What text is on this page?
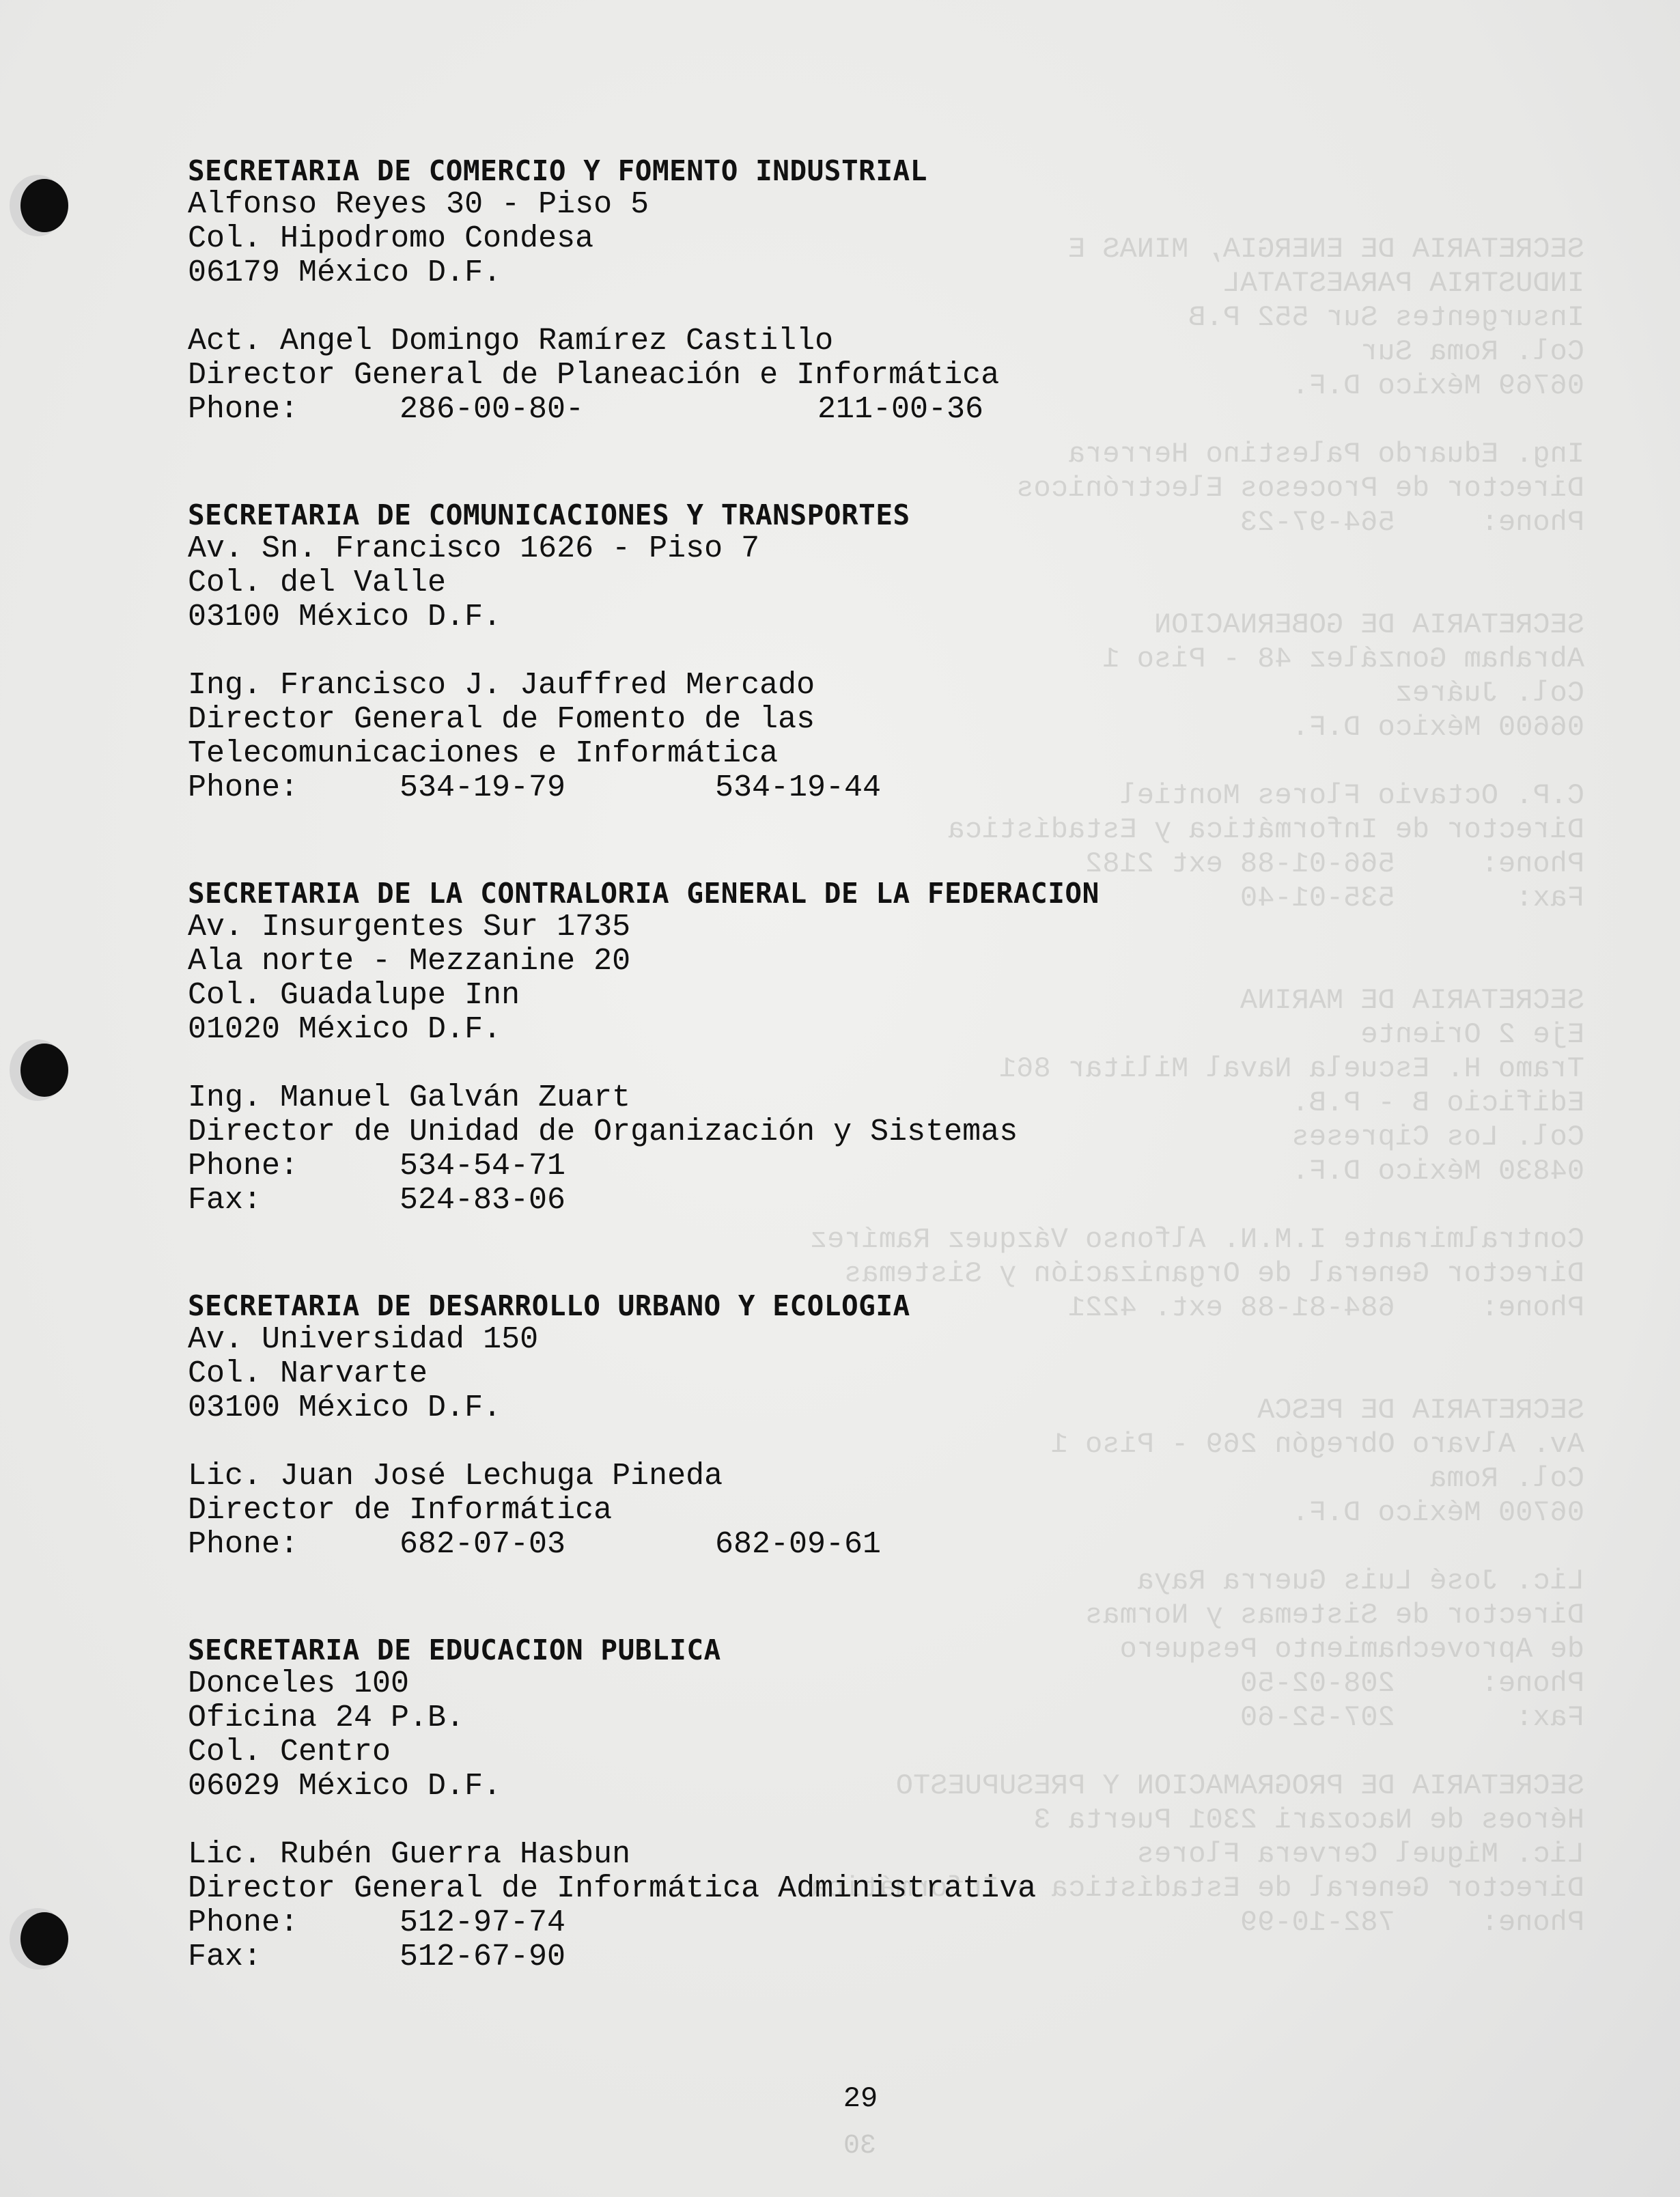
SECRETARIA DE ENERGIA, MINAS E
INDUSTRIA PARAESTATAL
Insurgentes Sur 552 P.B
Col. Roma Sur
06769 México D.F.

Ing. Eduardo Palestino Herrera
Director de Procesos Electrónicos
Phone:     564-97-23

SECRETARIA DE GOBERNACION
Abraham González 48 - Piso 1
Col. Juárez
06600 México D.F.

C.P. Octavio Flores Montiel
Director de Informática y Estadística
Phone:     566-01-88 ext 2182
Fax:       535-01-40

SECRETARIA DE MARINA
Eje 2 Oriente
Tramo H. Escuela Naval Militar 861
Edificio B - P.B.
Col. Los Cipreses
04830 México D.F.

Contralmirante I.M.N. Alfonso Vázquez Ramírez
Director General de Organización y Sistemas
Phone:     684-81-88 ext. 4221

SECRETARIA DE PESCA
Av. Alvaro Obregón 269 - Piso 1
Col. Roma
06700 México D.F.

Lic. José Luis Guerra Raya
Director de Sistemas y Normas
de Aprovechamiento Pesquero
Phone:     208-02-50
Fax:       207-52-60

SECRETARIA DE PROGRAMACION Y PRESUPUESTO
Héroes de Nacozari 2301 Puerta 3
Lic. Miguel Cervera Flores
Director General de Estadística e Informática
Phone:     782-10-99
30
SECRETARIA DE COMERCIO Y FOMENTO INDUSTRIAL
Alfonso Reyes 30 - Piso 5
Col. Hipodromo Condesa
06179 México D.F.
Act. Angel Domingo Ramírez Castillo
Director General de Planeación e Informática
Phone:	286-00-80-	211-00-36
SECRETARIA DE COMUNICACIONES Y TRANSPORTES
Av. Sn. Francisco 1626 - Piso 7
Col. del Valle
03100 México D.F.
Ing. Francisco J. Jauffred Mercado
Director General de Fomento de las
Telecomunicaciones e Informática
Phone:	534-19-79	534-19-44
SECRETARIA DE LA CONTRALORIA GENERAL DE LA FEDERACION
Av. Insurgentes Sur 1735
Ala norte - Mezzanine 20
Col. Guadalupe Inn
01020 México D.F.
Ing. Manuel Galván Zuart
Director de Unidad de Organización y Sistemas
Phone:	534-54-71
Fax:	524-83-06
SECRETARIA DE DESARROLLO URBANO Y ECOLOGIA
Av. Universidad 150
Col. Narvarte
03100 México D.F.
Lic. Juan José Lechuga Pineda
Director de Informática
Phone:	682-07-03	682-09-61
SECRETARIA DE EDUCACION PUBLICA
Donceles 100
Oficina 24 P.B.
Col. Centro
06029 México D.F.
Lic. Rubén Guerra Hasbun
Director General de Informática Administrativa
Phone:	512-97-74
Fax:	512-67-90
29
